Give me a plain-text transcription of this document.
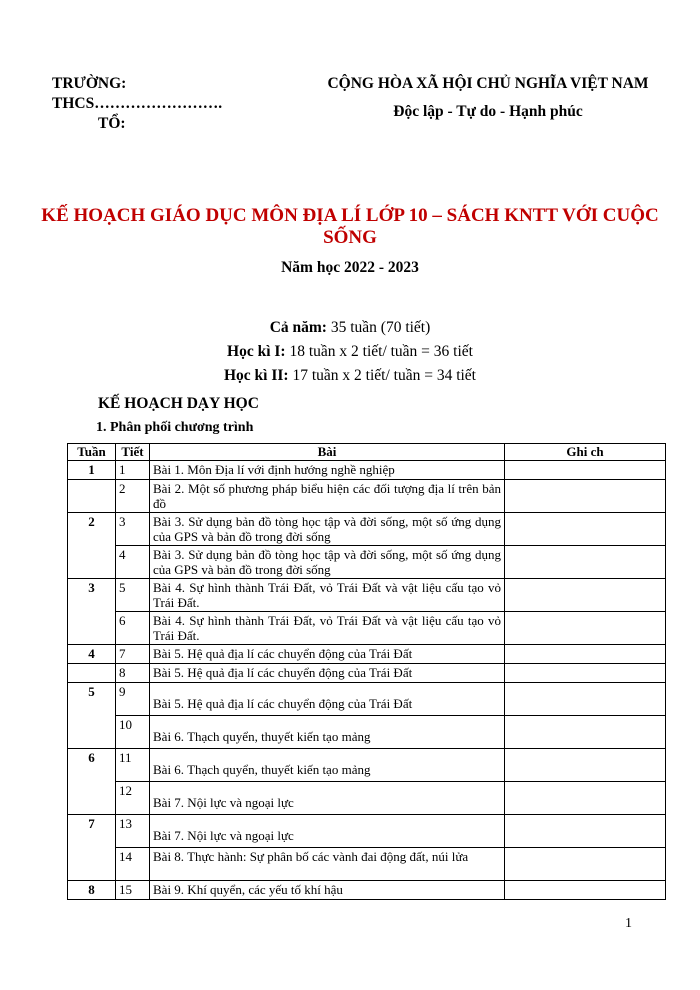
TRƯỜNG:
THCS…………………….
TỔ:
CỘNG HÒA XÃ HỘI CHỦ NGHĨA VIỆT NAM
Độc lập - Tự do - Hạnh phúc
KẾ HOẠCH GIÁO DỤC MÔN ĐỊA LÍ LỚP 10 – SÁCH KNTT VỚI CUỘC SỐNG
Năm học 2022 - 2023
Cả năm: 35 tuần (70 tiết)
Học kì I: 18 tuần x 2 tiết/ tuần = 36 tiết
Học kì II: 17 tuần x 2 tiết/ tuần = 34 tiết
KẾ HOẠCH DẠY HỌC
1. Phân phối chương trình
Tuần	Tiết	Bài	Ghi ch
1	1	Bài 1. Môn Địa lí với định hướng nghề nghiệp	
	2	Bài 2. Một số phương pháp biểu hiện các đối tượng địa lí trên bản đồ	
2	3	Bài 3. Sử dụng bản đồ tòng học tập và đời sống, một số ứng dụng của GPS và bản đồ trong đời sống	
	4	Bài 3. Sử dụng bản đồ tòng học tập và đời sống, một số ứng dụng của GPS và bản đồ trong đời sống	
3	5	Bài 4. Sự hình thành Trái Đất, vỏ Trái Đất và vật liệu cấu tạo vỏ Trái Đất.	
	6	Bài 4. Sự hình thành Trái Đất, vỏ Trái Đất và vật liệu cấu tạo vỏ Trái Đất.	
4	7	Bài 5. Hệ quả địa lí các chuyển động của Trái Đất	
	8	Bài 5. Hệ quả địa lí các chuyển động của Trái Đất	
5	9	Bài 5. Hệ quả địa lí các chuyển động của Trái Đất	
	10	Bài 6. Thạch quyển, thuyết kiến tạo mảng	
6	11	Bài 6. Thạch quyển, thuyết kiến tạo mảng	
	12	Bài 7. Nội lực và ngoại lực	
7	13	Bài 7. Nội lực và ngoại lực	
	14	Bài 8. Thực hành: Sự phân bố các vành đai động đất, núi lửa	
8	15	Bài 9. Khí quyển, các yếu tố khí hậu	
1
